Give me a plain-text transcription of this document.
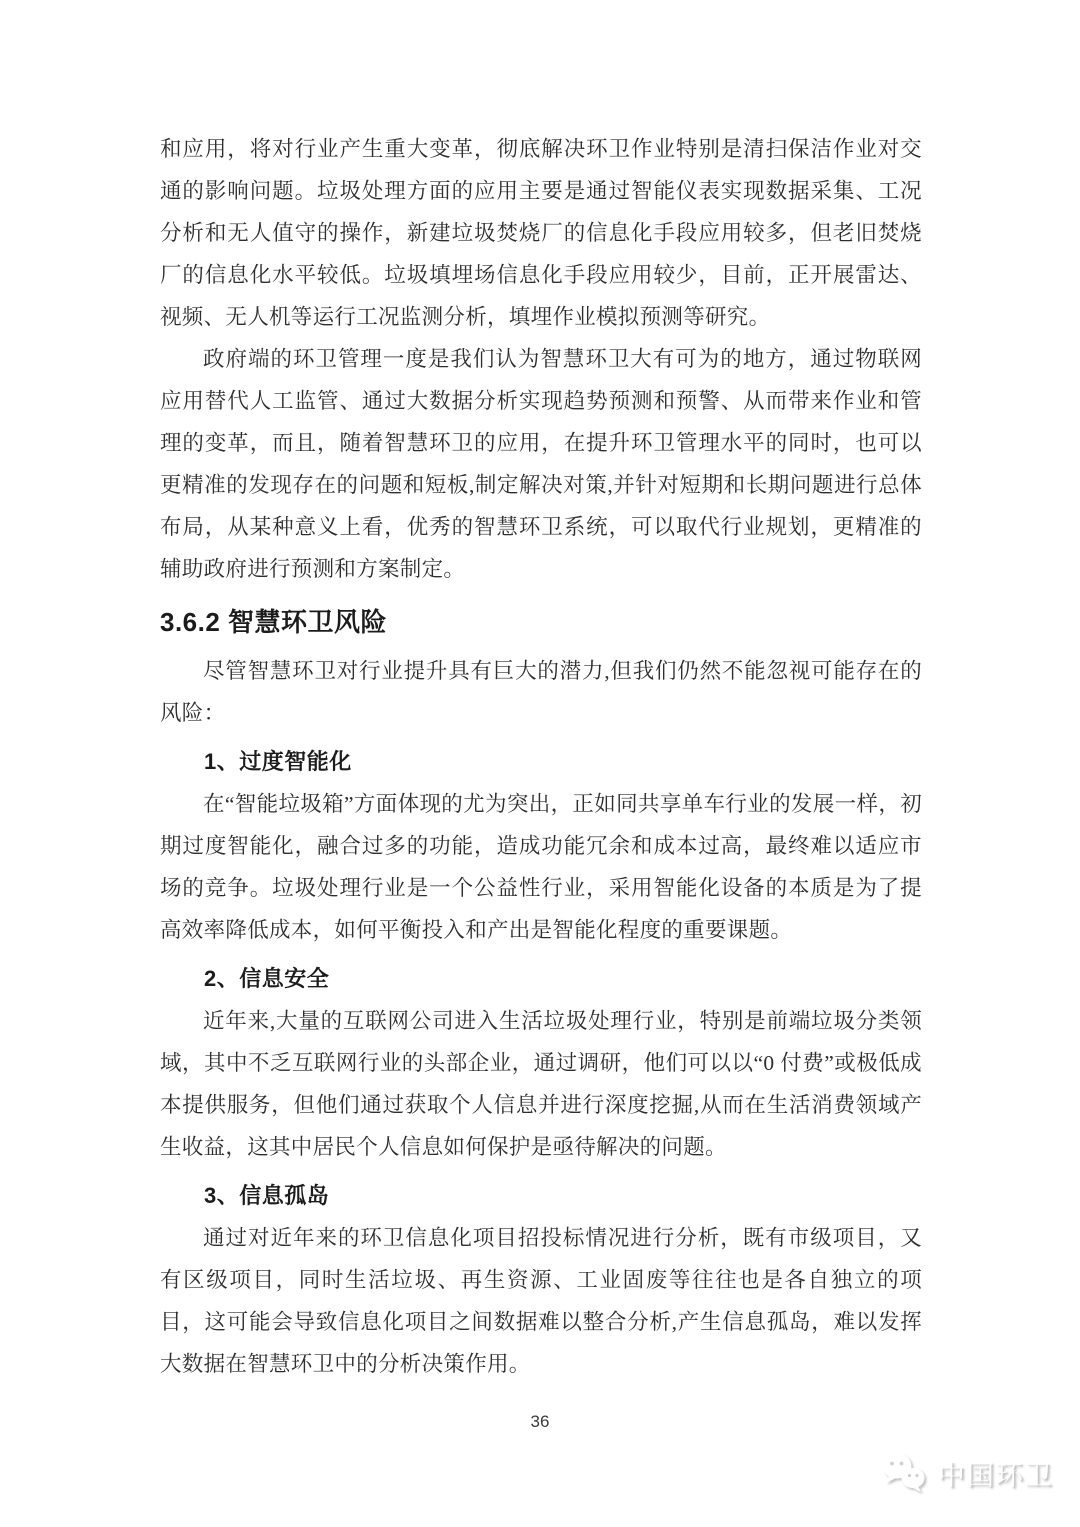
和应用，将对行业产生重大变革，彻底解决环卫作业特别是清扫保洁作业对交通的影响问题。垃圾处理方面的应用主要是通过智能仪表实现数据采集、工况分析和无人值守的操作，新建垃圾焚烧厂的信息化手段应用较多，但老旧焚烧厂的信息化水平较低。垃圾填埋场信息化手段应用较少，目前，正开展雷达、视频、无人机等运行工况监测分析，填埋作业模拟预测等研究。

政府端的环卫管理一度是我们认为智慧环卫大有可为的地方，通过物联网应用替代人工监管、通过大数据分析实现趋势预测和预警、从而带来作业和管理的变革，而且，随着智慧环卫的应用，在提升环卫管理水平的同时，也可以更精准的发现存在的问题和短板,制定解决对策,并针对短期和长期问题进行总体布局，从某种意义上看，优秀的智慧环卫系统，可以取代行业规划，更精准的辅助政府进行预测和方案制定。

3.6.2 智慧环卫风险

尽管智慧环卫对行业提升具有巨大的潜力,但我们仍然不能忽视可能存在的风险：

1、过度智能化

在“智能垃圾箱”方面体现的尤为突出，正如同共享单车行业的发展一样，初期过度智能化，融合过多的功能，造成功能冗余和成本过高，最终难以适应市场的竞争。垃圾处理行业是一个公益性行业，采用智能化设备的本质是为了提高效率降低成本，如何平衡投入和产出是智能化程度的重要课题。

2、信息安全

近年来,大量的互联网公司进入生活垃圾处理行业，特别是前端垃圾分类领域，其中不乏互联网行业的头部企业，通过调研，他们可以以“0 付费”或极低成本提供服务，但他们通过获取个人信息并进行深度挖掘,从而在生活消费领域产生收益，这其中居民个人信息如何保护是亟待解决的问题。

3、信息孤岛

通过对近年来的环卫信息化项目招投标情况进行分析，既有市级项目，又有区级项目，同时生活垃圾、再生资源、工业固废等往往也是各自独立的项目，这可能会导致信息化项目之间数据难以整合分析,产生信息孤岛，难以发挥大数据在智慧环卫中的分析决策作用。

36
中国环卫
